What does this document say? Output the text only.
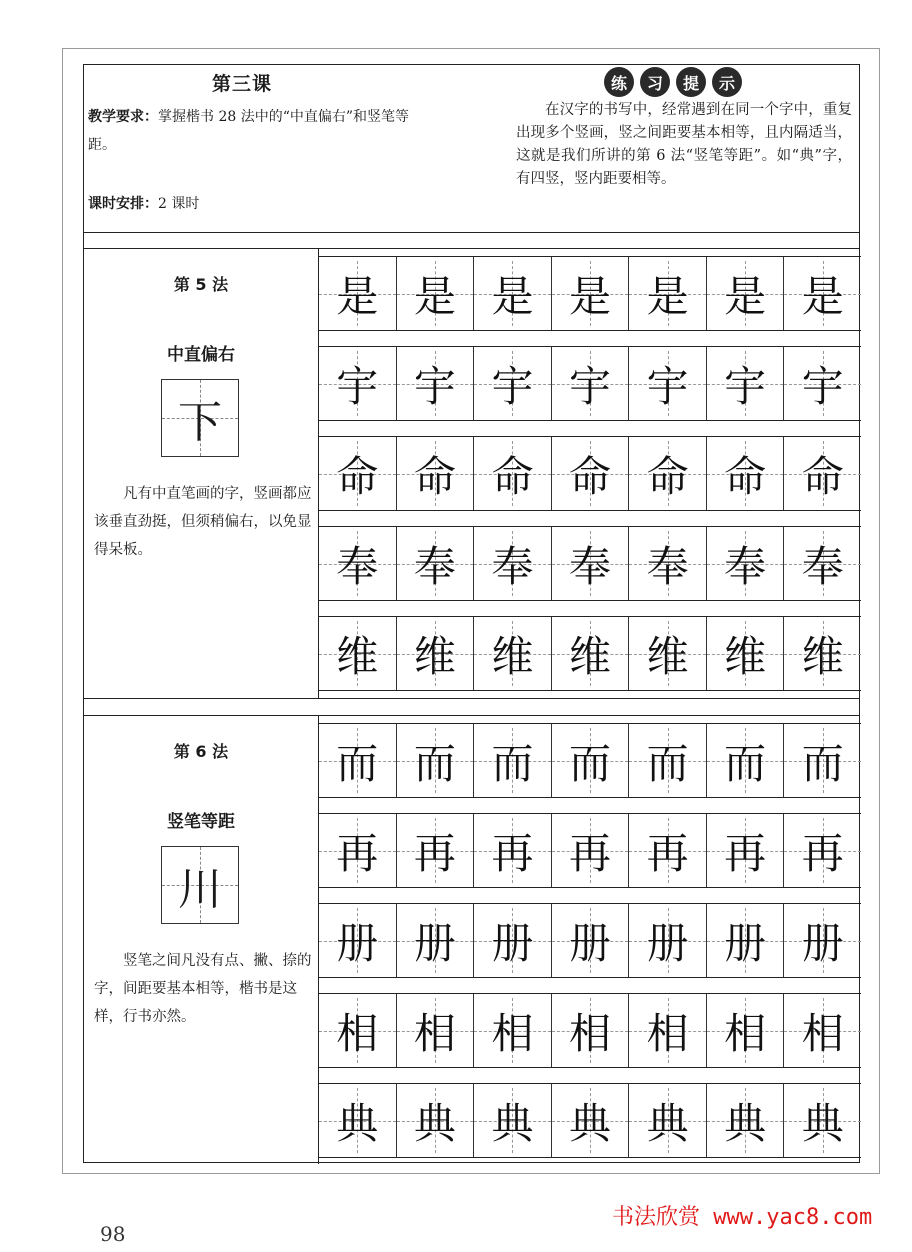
第三课
教学要求：掌握楷书 28 法中的“中直偏右”和竖笔等距。
课时安排：2 课时
练	习	提	示
在汉字的书写中，经常遇到在同一个字中，重复出现多个竖画，竖之间距要基本相等，且内隔适当，这就是我们所讲的第 6 法“竖笔等距”。如“典”字，有四竖，竖内距要相等。
第 5 法
中直偏右
下
凡有中直笔画的字，竖画都应该垂直劲挺，但须稍偏右，以免显得呆板。
是 是 是 是 是 是 是
宇 宇 宇 宇 宇 宇 宇
命 命 命 命 命 命 命
奉 奉 奉 奉 奉 奉 奉
维 维 维 维 维 维 维
第 6 法
竖笔等距
川
竖笔之间凡没有点、撇、捺的字，间距要基本相等，楷书是这样，行书亦然。
而 而 而 而 而 而 而
再 再 再 再 再 再 再
册 册 册 册 册 册 册
相 相 相 相 相 相 相
典 典 典 典 典 典 典
98
书法欣赏 www.yac8.com
